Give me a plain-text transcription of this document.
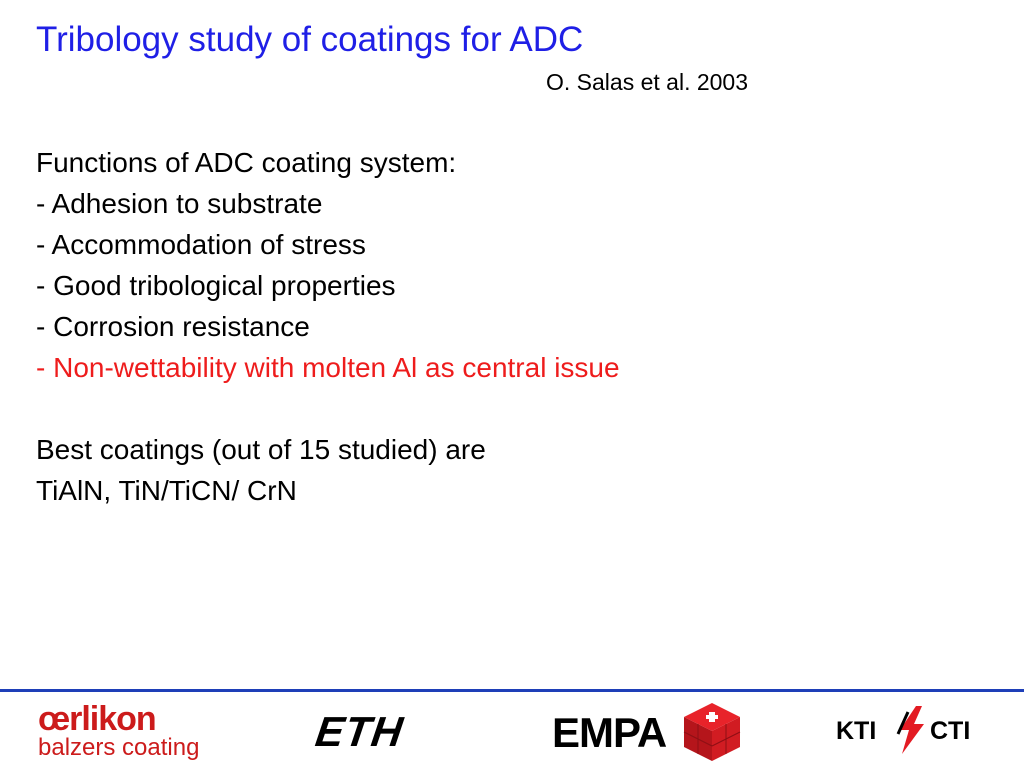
Tribology study of coatings for ADC
O. Salas et al. 2003
Functions of ADC coating system:
- Adhesion to substrate
- Accommodation of stress
- Good tribological properties
- Corrosion resistance
- Non-wettability with molten Al as central issue
Best coatings (out of 15 studied) are
TiAlN, TiN/TiCN/ CrN
œrlikon
balzers coating	ETH	EMPA	KTI CTI
